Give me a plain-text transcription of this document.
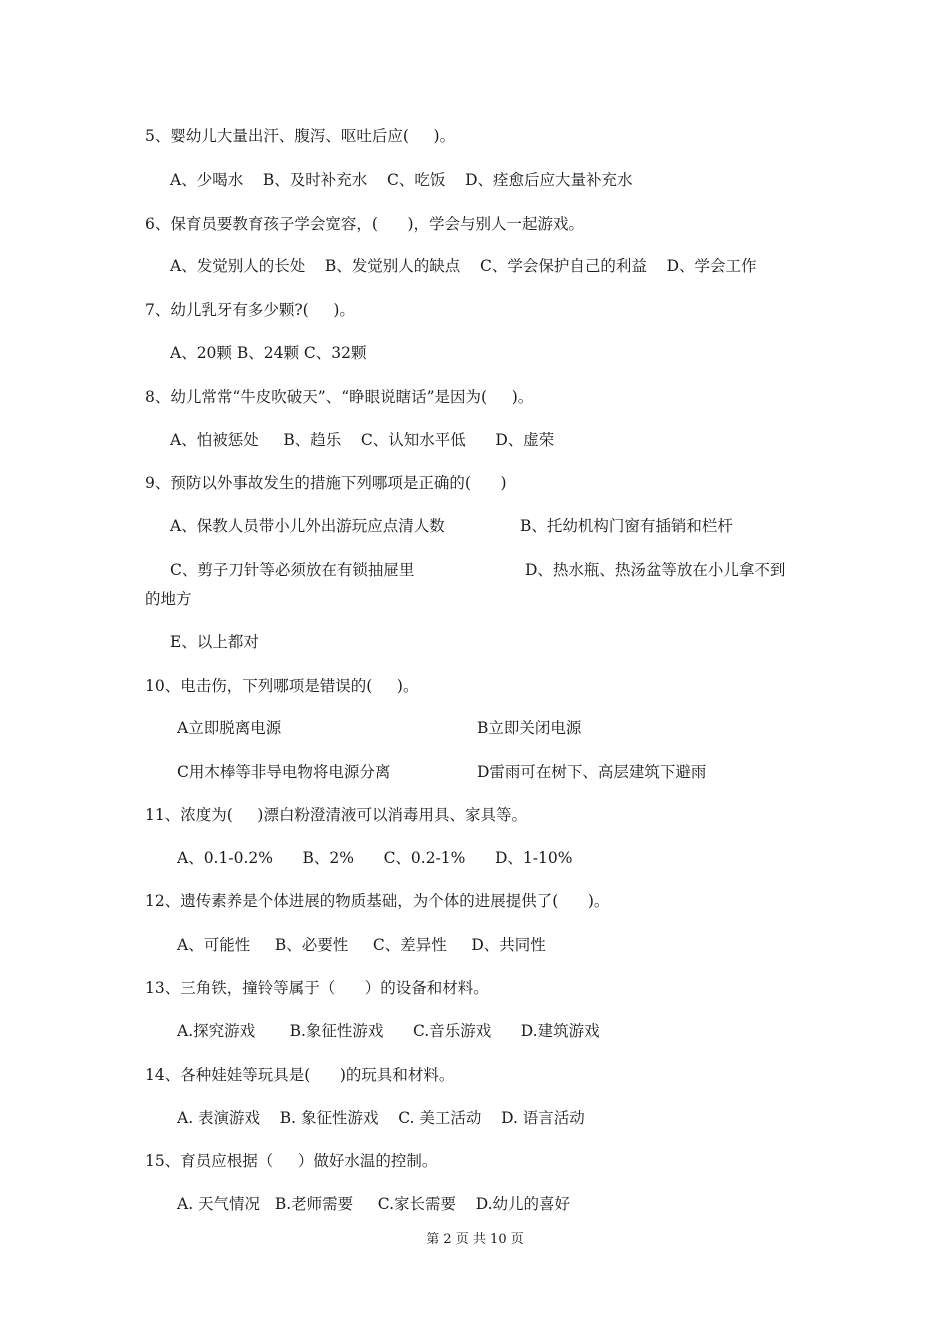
5、婴幼儿大量出汗、腹泻、呕吐后应(     )。
A、少喝水    B、及时补充水    C、吃饭    D、痊愈后应大量补充水
6、保育员要教育孩子学会宽容，(      )，学会与别人一起游戏。
A、发觉别人的长处    B、发觉别人的缺点    C、学会保护自己的利益    D、学会工作
7、幼儿乳牙有多少颗?(     )。
A、20颗 B、24颗 C、32颗
8、幼儿常常“牛皮吹破天”、“睁眼说瞎话”是因为(     )。
A、怕被惩处     B、趋乐    C、认知水平低      D、虚荣
9、预防以外事故发生的措施下列哪项是正确的(      )
A、保教人员带小儿外出游玩应点清人数	B、托幼机构门窗有插销和栏杆
C、剪子刀针等必须放在有锁抽屉里	D、热水瓶、热汤盆等放在小儿拿不到
的地方
E、以上都对
10、电击伤，下列哪项是错误的(     )。
A立即脱离电源	B立即关闭电源
C用木棒等非导电物将电源分离	D雷雨可在树下、高层建筑下避雨
11、浓度为(     )漂白粉澄清液可以消毒用具、家具等。
A、0.1-0.2%      B、2%      C、0.2-1%      D、1-10%
12、遗传素养是个体进展的物质基础，为个体的进展提供了(      )。
A、可能性     B、必要性     C、差异性     D、共同性
13、三角铁，撞铃等属于（      ）的设备和材料。
A.探究游戏       B.象征性游戏      C.音乐游戏      D.建筑游戏
14、各种娃娃等玩具是(      )的玩具和材料。
A. 表演游戏    B. 象征性游戏    C. 美工活动    D. 语言活动
15、育员应根据（     ）做好水温的控制。
A. 天气情况   B.老师需要     C.家长需要    D.幼儿的喜好
第 2 页 共 10 页
